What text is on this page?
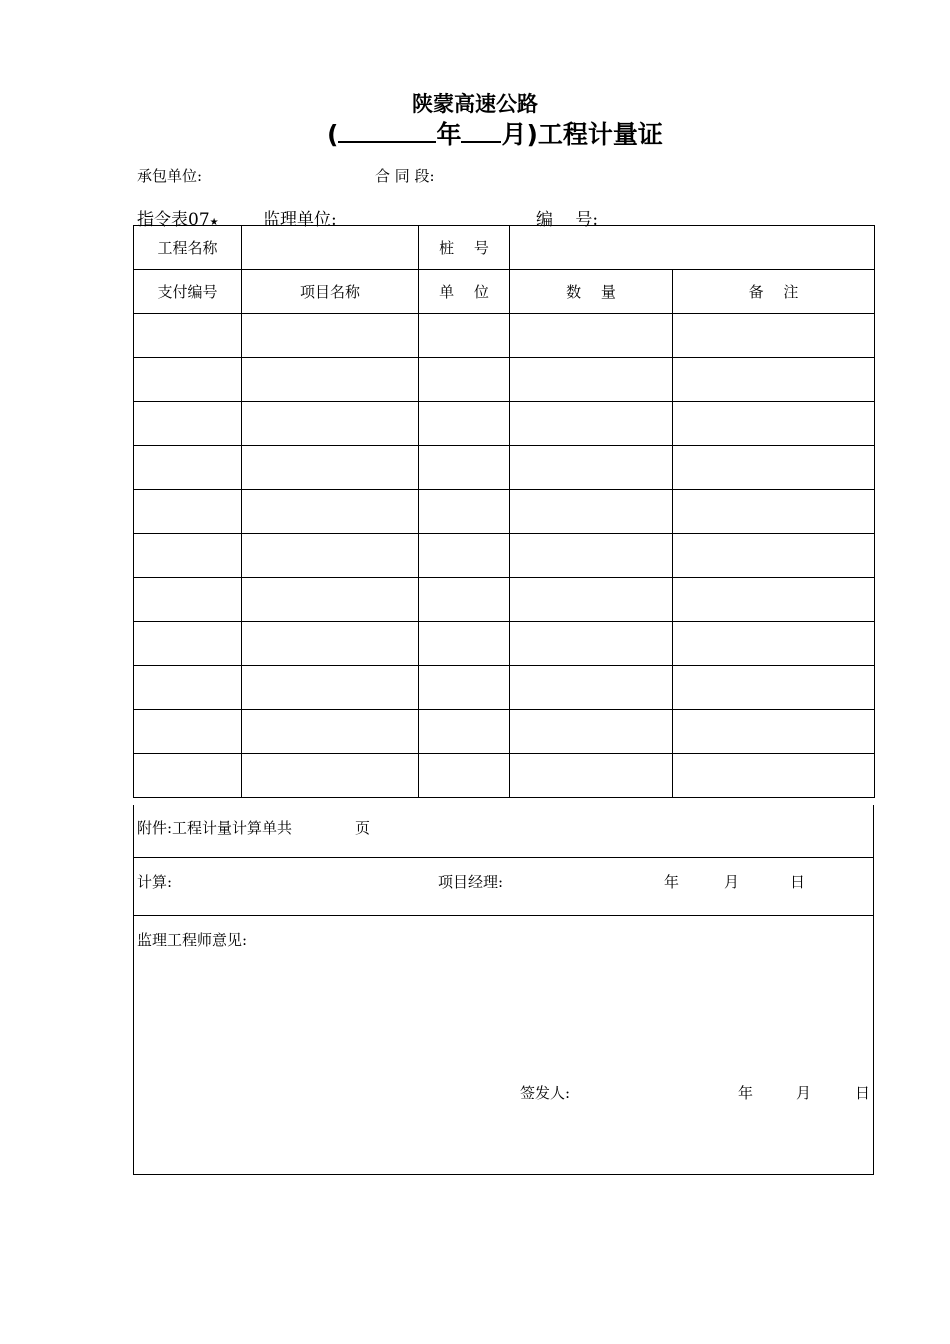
陕蒙高速公路
(	年 月)工程计量证
承包单位:	合 同 段:
指令表07★	监理单位:	编　 号:
工程名称		桩　 号		
支付编号	项目名称	单　 位	数　 量	备　 注

附件:工程计量计算单共	页
计算:	项目经理:	年	月	日
监理工程师意见:
签发人:	年	月	日
